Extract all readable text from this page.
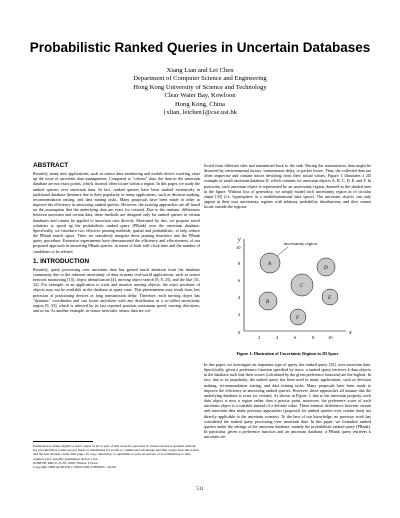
Probabilistic Ranked Queries in Uncertain Databases
Xiang Lian and Lei Chen
Department of Computer Science and Engineering
Hong Kong University of Science and Technology
Clear Water Bay, Kowloon
Hong Kong, China
{xlian, leichen}@cse.ust.hk
ABSTRACT

Recently, many new applications, such as sensor data monitoring and mobile device tracking, raise up the issue of uncertain data management. Compared to "certain" data, the data in the uncertain database are not exact points, which, instead, often locate within a region. In this paper, we study the ranked queries over uncertain data. In fact, ranked queries have been studied extensively in traditional database literature due to their popularity in many applications, such as decision making, recommendation raising, and data mining tasks. Many proposals have been made in order to improve the efficiency in answering ranked queries. However, the existing approaches are all based on the assumption that the underlying data are exact (or certain). Due to the intrinsic differences between uncertain and certain data, these methods are designed only for ranked queries in certain databases and cannot be applied to uncertain case directly. Motivated by this, we propose novel solutions to speed up the probabilistic ranked query (PRank) over the uncertain database. Specifically, we introduce two effective pruning methods, spatial and probabilistic, to help reduce the PRank search space. Then, we seamlessly integrate these pruning heuristics into the PRank query procedure. Extensive experiments have demonstrated the efficiency and effectiveness of our proposed approach in answering PRank queries, in terms of both wall clock time and the number of candidates to be refined.

1. INTRODUCTION

Recently, query processing over uncertain data has gained much attention from the database community due to the inherent uncertainty of data in many real-world applications, such as sensor network monitoring [15], object identification [4], moving object search [9, 8, 25], and the like [31, 32]. For example, in an application to track and monitor moving objects, the exact positions of objects may not be available in the database at query time. This phenomenon may result from low precision of positioning devices or long transmission delay. Therefore, each moving object has "dynamic" coordinates and can locate anywhere with any distribution in a so-called uncertainty region [9, 33], which is inferred by its last reported position, maximum speed, moving directions, and so on. As another example, in sensor networks, sensor data are col-

Permission to make digital or hard copies of all or part of this work for personal or classroom use is granted without fee provided that copies are not made or distributed for profit or commercial advantage and that copies bear this notice and the full citation on the first page. To copy otherwise, to republish, to post on servers or to redistribute to lists, requires prior specific permission and/or a fee.
EDBT'08, March 25-30, 2008, Nantes, France.
Copyright 2008 ACM 978-1-59593-926-5/08/0003 ...$5.00.

lected from different sites and transmitted back to the sink. During the transmission, data might be distorted by environmental factors, transmission delay, or packet losses. Thus, the collected data are often imprecise and contain noises deviating from their actual values. Figure 1 illustrates a 2D example of small uncertain database D, which contains six uncertain objects A, B, C, D, E, and F. In particular, each uncertain object is represented by an uncertainty region, denoted as the shaded area in the figure. Without loss of generality, we simply model each uncertainty region as of circular shape [33] (i.e. hypersphere in a multidimensional data space). The uncertain objects can only appear in their own uncertainty regions with arbitrary probability distributions, and they cannot locate outside the regions.

y
x
10
8
6
4
2
0
2	4	6	8	10
A
B
C
D
E
F
uncertainty region
Figure 1: Illustration of Uncertainty Regions in 2D Space

In this paper, we investigate an important type of query, the ranked query [34], over uncertain data. Specifically, given a preference function specified by users, a ranked query retrieves k data objects in the database such that their scores (calculated by the given preference function) are the highest. In fact, due to its popularity, the ranked query has been used in many applications, such as decision making, recommendation raising, and data mining tasks. Many proposals have been made to improve the efficiency in answering ranked queries. However, these approaches all assume that the underlying database is exact (or certain). As shown in Figure 1, due to the uncertain property, each data object is now a region rather than a precise point, moreover, the preference score of each uncertain object is a variable instead of a definite value. These intrinsic differences between certain and uncertain data make previous approaches (proposed for ranked queries over certain data) not directly applicable to the uncertain scenario. To the best of our knowledge, no previous work has considered the ranked query processing over uncertain data. In this paper, we formalize ranked queries under the settings of the uncertain database, namely the probabilistic ranked query (PRank). In particular, given a preference function and an uncertain database, a PRank query retrieves k uncertain ob-

511
